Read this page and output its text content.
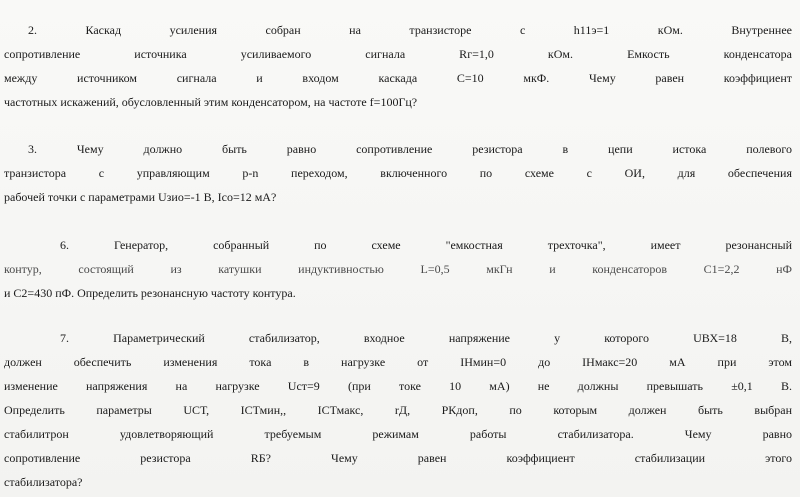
2. Каскад усиления собран на транзисторе с h11э=1 кОм. Внутреннее
сопротивление источника усиливаемого сигнала Rг=1,0 кОм. Емкость конденсатора
между источником сигнала и входом каскада С=10 мкФ. Чему равен коэффициент
частотных искажений, обусловленный этим конденсатором, на частоте f=100Гц?
3. Чему должно быть равно сопротивление резистора в цепи истока полевого
транзистора с управляющим p-n переходом, включенного по схеме с ОИ, для обеспечения
рабочей точки с параметрами Uзиo=-1 В, Ico=12 мА?
6. Генератор, собранный по схеме "емкостная трехточка", имеет резонансный
контур, состоящий из катушки индуктивностью L=0,5 мкГн и конденсаторов C1=2,2 нФ
и C2=430 пФ. Определить резонансную частоту контура.
7. Параметрический стабилизатор, входное напряжение у которого UВХ=18 В,
должен обеспечить изменения тока в нагрузке от IНмин=0 до IНмакс=20 мА при этом
изменение напряжения на нагрузке Uст=9 (при токе 10 мА) не должны превышать ±0,1 В.
Определить параметры UСТ, IСТмин,, IСТмакс, rД, PКдоп, по которым должен быть выбран
стабилитрон удовлетворяющий требуемым режимам работы стабилизатора. Чему равно
сопротивление резистора RБ? Чему равен коэффициент стабилизации этого
стабилизатора?
